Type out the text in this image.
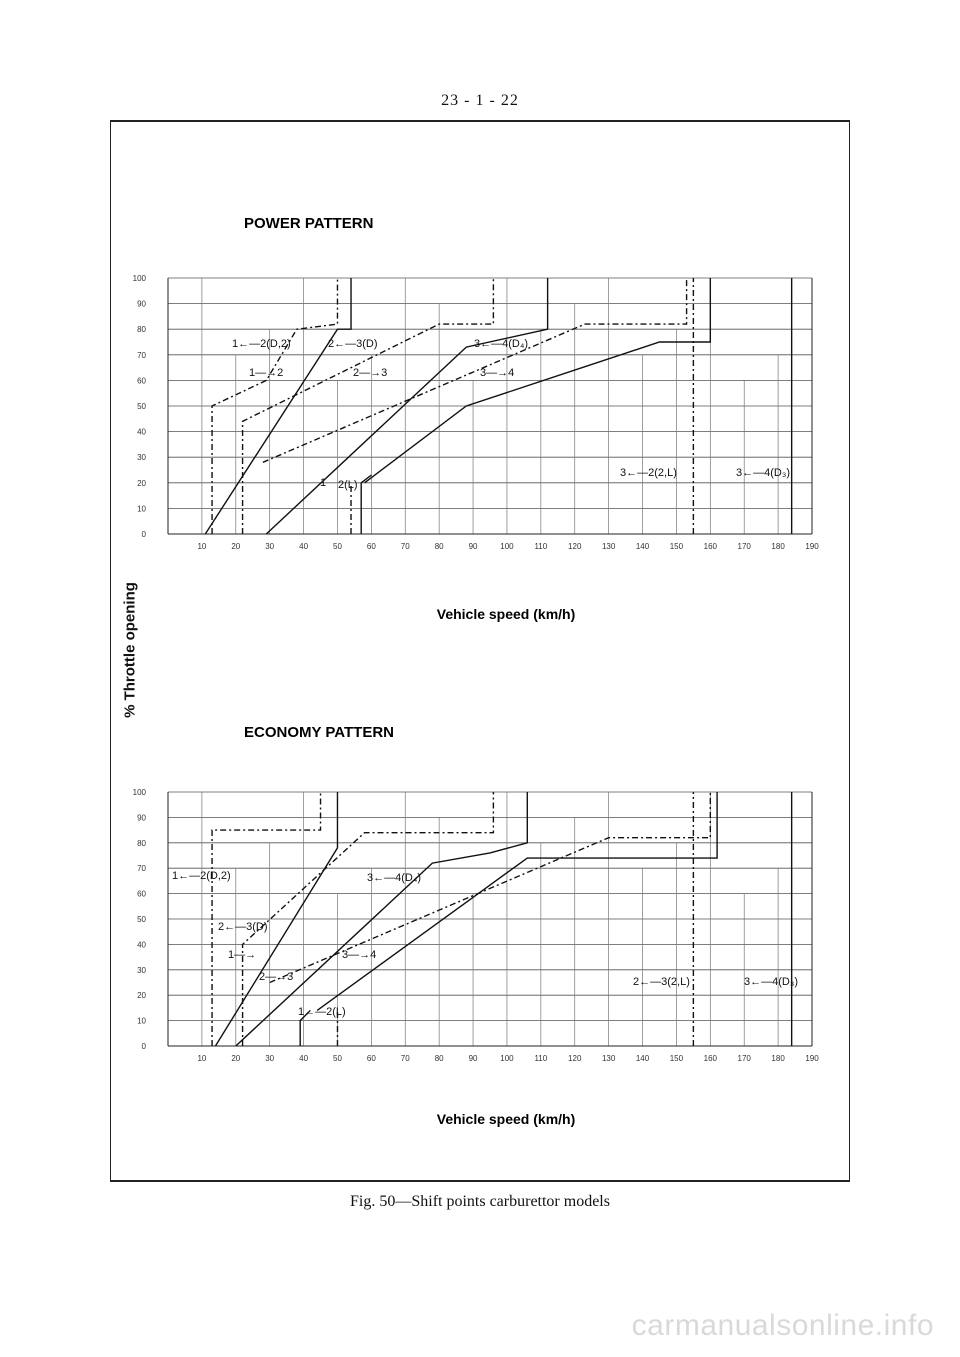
23 - 1 - 22
% Throttle opening
Fig. 50—Shift points carburettor models
carmanualsonline.info
POWER PATTERN
0
10
20
30
40
50
60
70
80
90
100
10	20	30	40	50	60	70	80	90	100	110	120	130	140	150	160	170	180	190
1←—2(D,2)	2←—3(D)	3←—4(D₄)
1—→2	2—→3	3—→4
1 2(L)
3←—2(2,L)	3←—4(D₃)
Vehicle speed (km/h)
ECONOMY PATTERN
0
10
20
30
40
50
60
70
80
90
100
10	20	30	40	50	60	70	80	90	100	110	120	130	140	150	160	170	180	190
1←—2(D,2)
2←—3(D)
3←—4(D₄)
1—→
2—→3
3—→4
1←—2(L)
2←—3(2,L)	3←—4(D₃)
Vehicle speed (km/h)
